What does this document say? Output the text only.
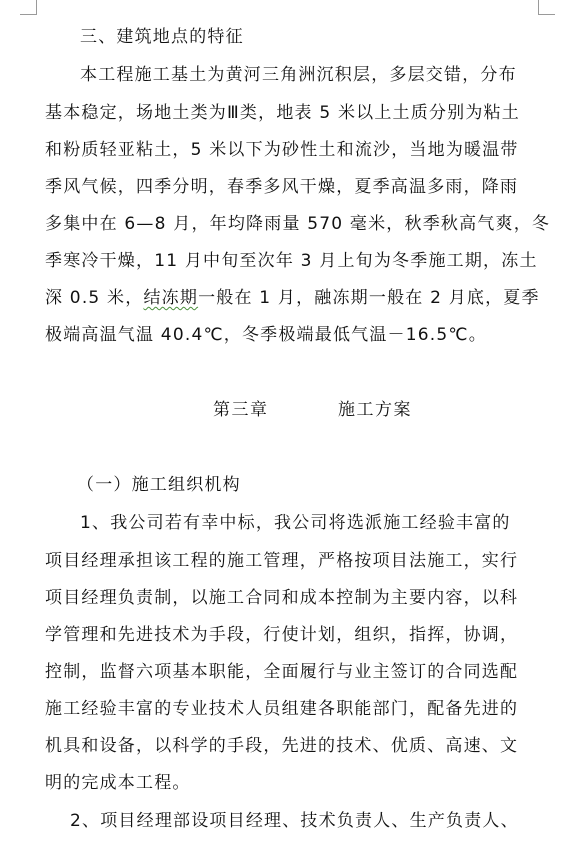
三、建筑地点的特征
本工程施工基土为黄河三角洲沉积层，多层交错，分布
基本稳定，场地土类为Ⅲ类，地表 5 米以上土质分别为粘土
和粉质轻亚粘土，5 米以下为砂性土和流沙，当地为暖温带
季风气候，四季分明，春季多风干燥，夏季高温多雨，降雨
多集中在 6—8 月，年均降雨量 570 毫米，秋季秋高气爽，冬
季寒冷干燥，11 月中旬至次年 3 月上旬为冬季施工期，冻土
深 0.5 米，结冻期一般在 1 月，融冻期一般在 2 月底，夏季
极端高温气温 40.4℃，冬季极端最低气温－16.5℃。
第三章	施工方案
（一）施工组织机构
1、我公司若有幸中标，我公司将选派施工经验丰富的
项目经理承担该工程的施工管理，严格按项目法施工，实行
项目经理负责制，以施工合同和成本控制为主要内容，以科
学管理和先进技术为手段，行使计划，组织，指挥，协调，
控制，监督六项基本职能，全面履行与业主签订的合同选配
施工经验丰富的专业技术人员组建各职能部门，配备先进的
机具和设备，以科学的手段，先进的技术、优质、高速、文
明的完成本工程。
2、项目经理部设项目经理、技术负责人、生产负责人、
